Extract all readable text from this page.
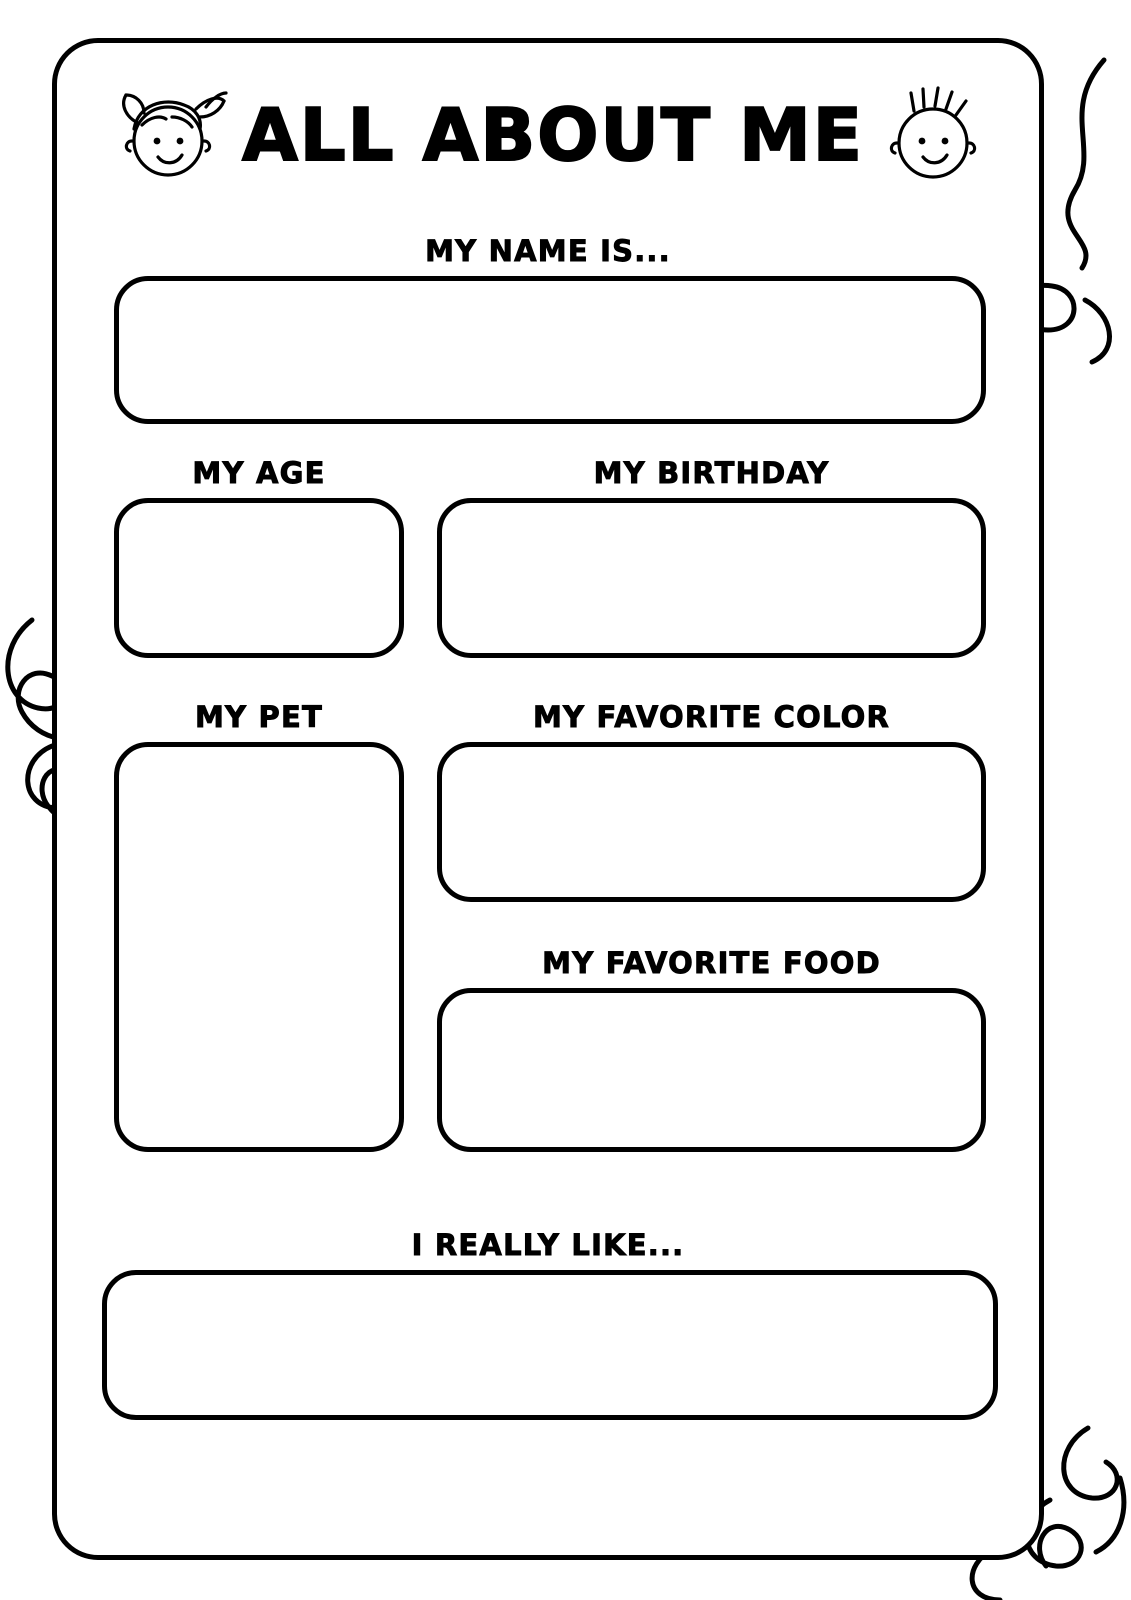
ALL ABOUT ME
MY NAME IS...
MY AGE	MY BIRTHDAY
MY PET	MY FAVORITE COLOR
MY FAVORITE FOOD
I REALLY LIKE...
